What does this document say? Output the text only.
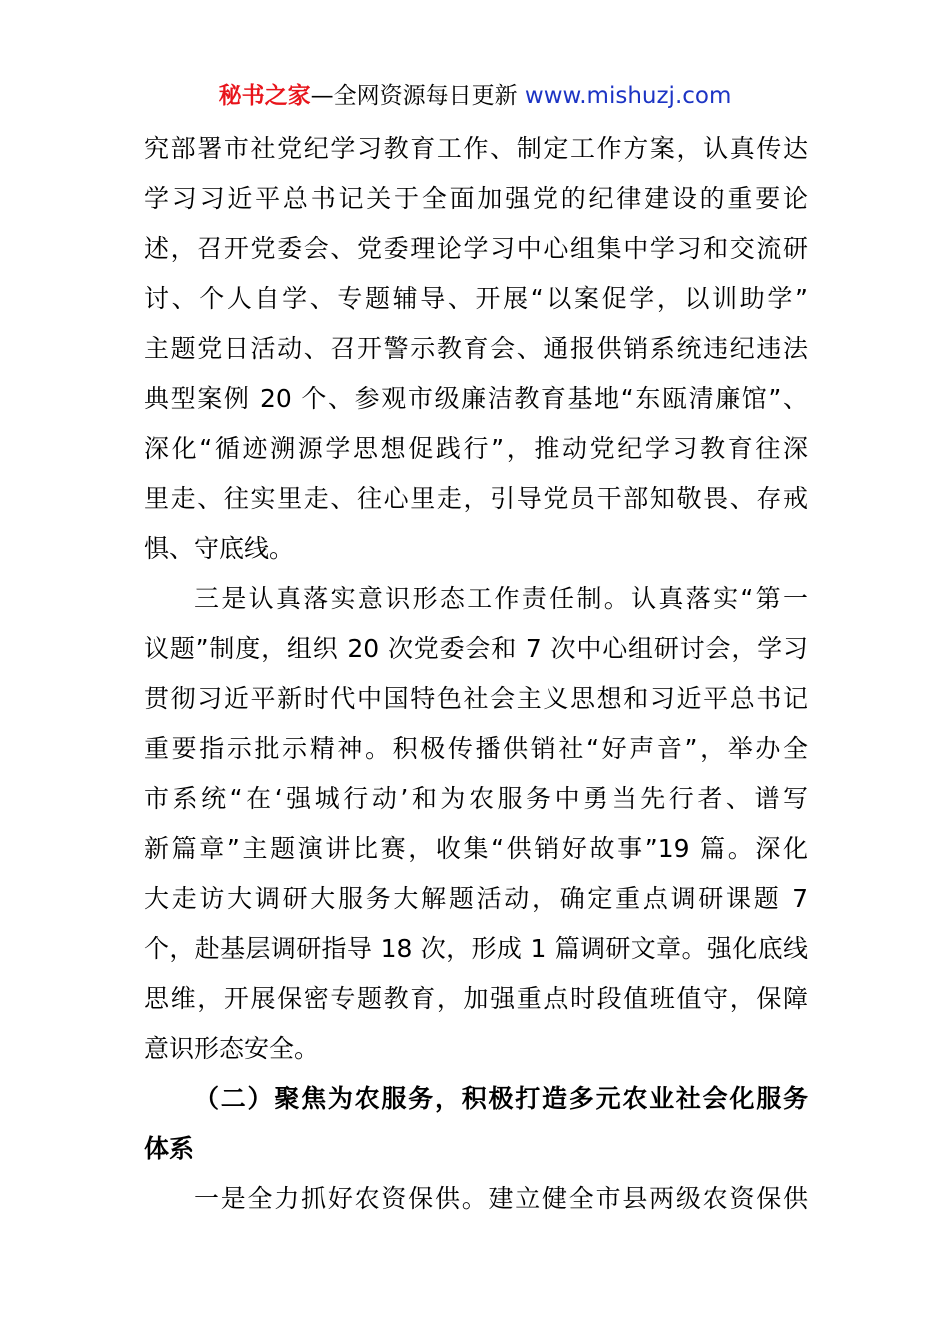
秘书之家—全网资源每日更新 www.mishuzj.com
究部署市社党纪学习教育工作、制定工作方案，认真传达
学习习近平总书记关于全面加强党的纪律建设的重要论
述，召开党委会、党委理论学习中心组集中学习和交流研
讨、个人自学、专题辅导、开展“以案促学，以训助学”
主题党日活动、召开警示教育会、通报供销系统违纪违法
典型案例 20 个、参观市级廉洁教育基地“东瓯清廉馆”、
深化“循迹溯源学思想促践行”，推动党纪学习教育往深
里走、往实里走、往心里走，引导党员干部知敬畏、存戒
惧、守底线。
三是认真落实意识形态工作责任制。认真落实“第一
议题”制度，组织 20 次党委会和 7 次中心组研讨会，学习
贯彻习近平新时代中国特色社会主义思想和习近平总书记
重要指示批示精神。积极传播供销社“好声音”，举办全
市系统“在‘强城行动’和为农服务中勇当先行者、谱写
新篇章”主题演讲比赛，收集“供销好故事”19 篇。深化
大走访大调研大服务大解题活动，确定重点调研课题 7
个，赴基层调研指导 18 次，形成 1 篇调研文章。强化底线
思维，开展保密专题教育，加强重点时段值班值守，保障
意识形态安全。
（二）聚焦为农服务，积极打造多元农业社会化服务
体系
一是全力抓好农资保供。建立健全市县两级农资保供
